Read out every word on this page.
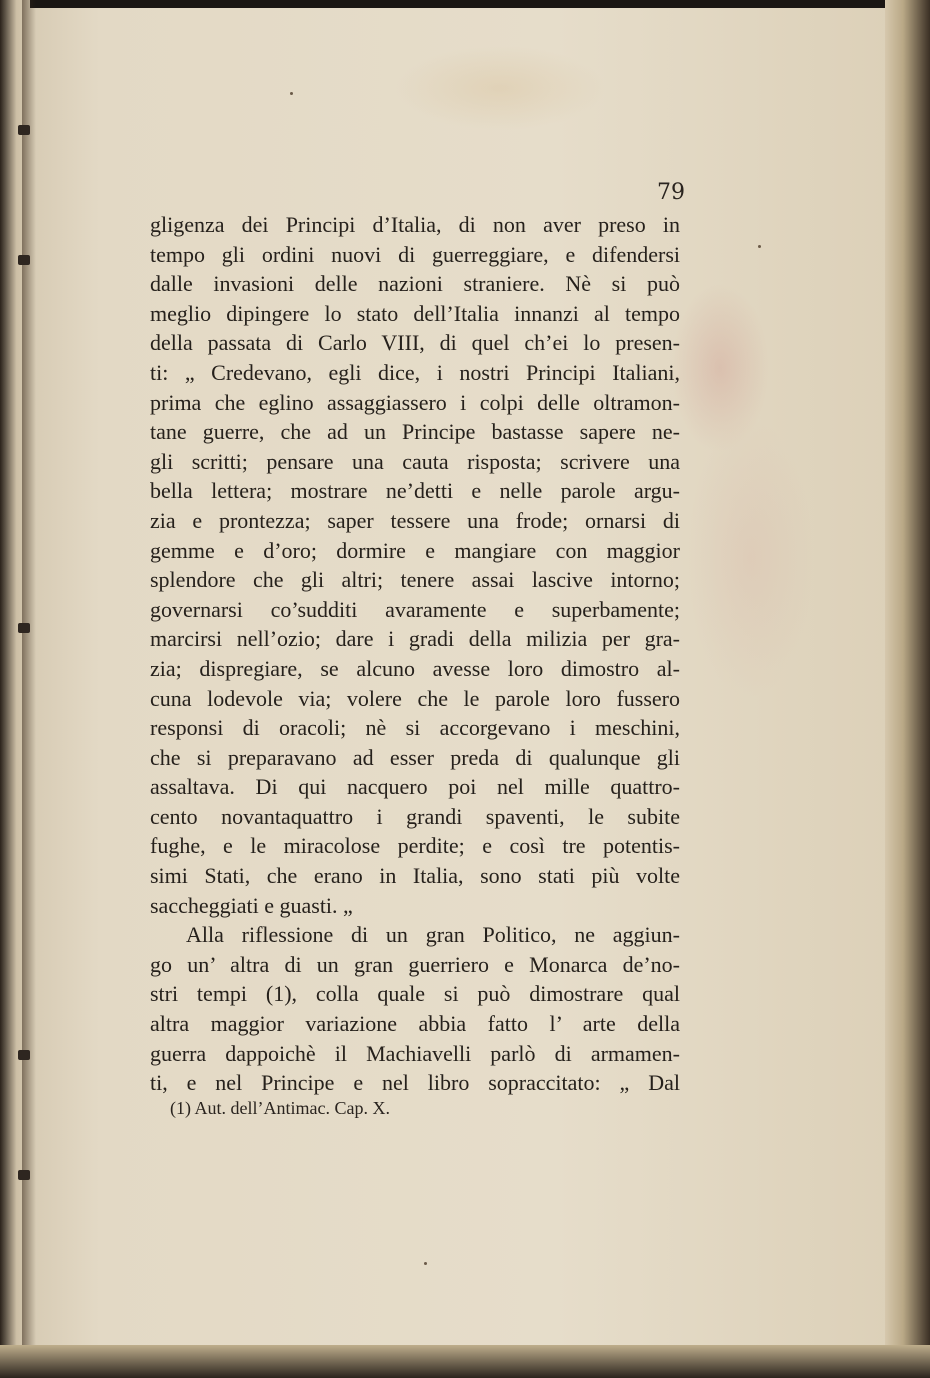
79
gligenza dei Principi d’Italia, di non aver preso in
tempo gli ordini nuovi di guerreggiare, e difendersi
dalle invasioni delle nazioni straniere. Nè si può
meglio dipingere lo stato dell’Italia innanzi al tempo
della passata di Carlo VIII, di quel ch’ei lo presen-
ti: „ Credevano, egli dice, i nostri Principi Italiani,
prima che eglino assaggiassero i colpi delle oltramon-
tane guerre, che ad un Principe bastasse sapere ne-
gli scritti; pensare una cauta risposta; scrivere una
bella lettera; mostrare ne’detti e nelle parole argu-
zia e prontezza; saper tessere una frode; ornarsi di
gemme e d’oro; dormire e mangiare con maggior
splendore che gli altri; tenere assai lascive intorno;
governarsi co’sudditi avaramente e superbamente;
marcirsi nell’ozio; dare i gradi della milizia per gra-
zia; dispregiare, se alcuno avesse loro dimostro al-
cuna lodevole via; volere che le parole loro fussero
responsi di oracoli; nè si accorgevano i meschini,
che si preparavano ad esser preda di qualunque gli
assaltava. Di qui nacquero poi nel mille quattro-
cento novantaquattro i grandi spaventi, le subite
fughe, e le miracolose perdite; e così tre potentis-
simi Stati, che erano in Italia, sono stati più volte
saccheggiati e guasti. „
Alla riflessione di un gran Politico, ne aggiun-
go un’ altra di un gran guerriero e Monarca de’no-
stri tempi (1), colla quale si può dimostrare qual
altra maggior variazione abbia fatto l’ arte della
guerra dappoichè il Machiavelli parlò di armamen-
ti, e nel Principe e nel libro sopraccitato: „ Dal
(1) Aut. dell’Antimac. Cap. X.
